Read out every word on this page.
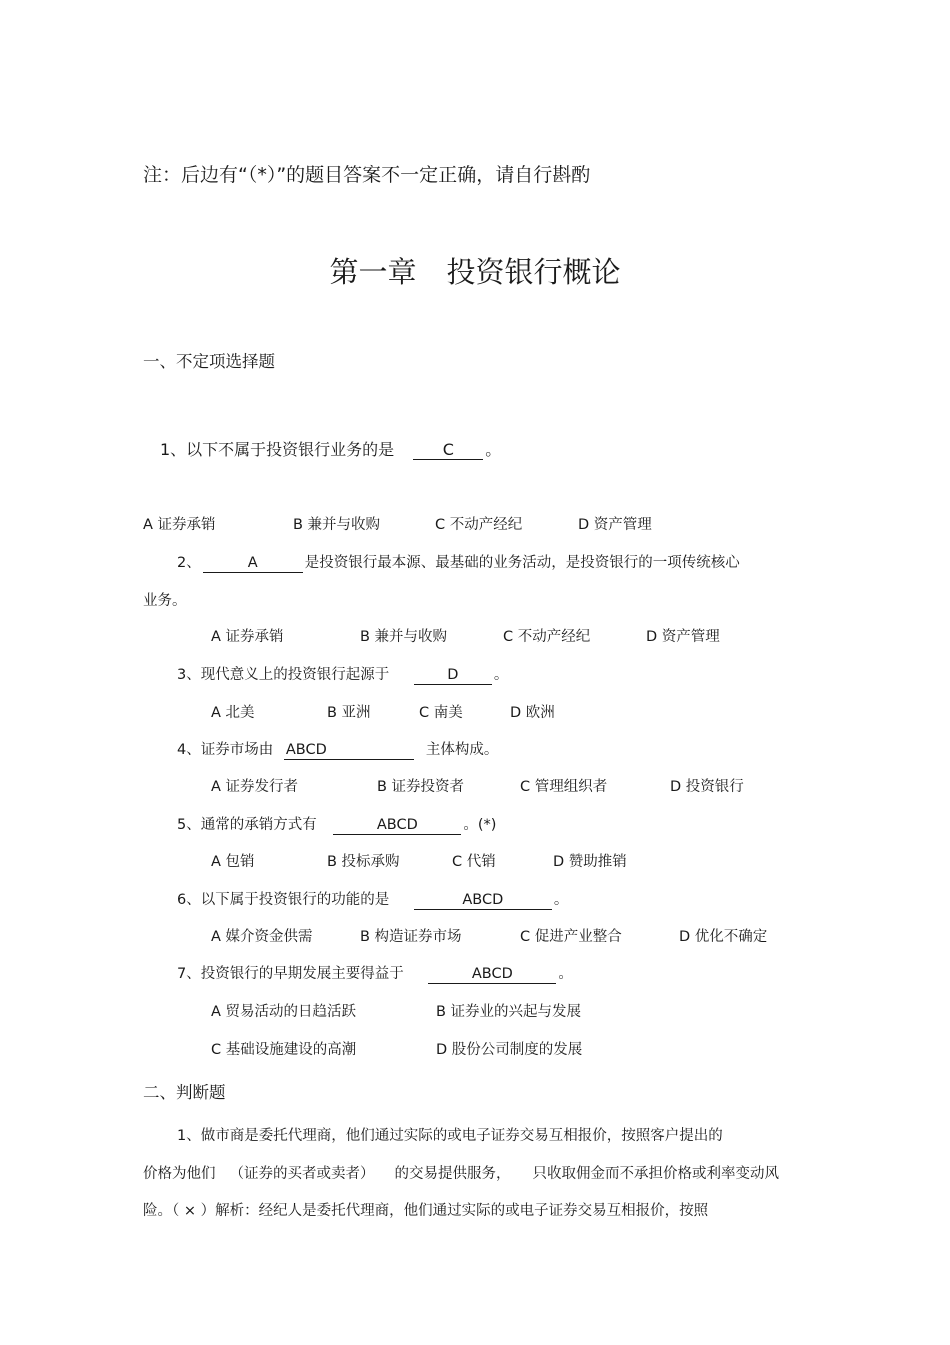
注：后边有“（*）”的题目答案不一定正确，请自行斟酌
第一章 投资银行概论
一、不定项选择题
1、以下不属于投资银行业务的是	C 。
A 证券承销	B 兼并与收购	C 不动产经纪	D 资产管理
2、	A	是投资银行最本源、最基础的业务活动，是投资银行的一项传统核心
业务。
A 证券承销	B 兼并与收购	C 不动产经纪	D 资产管理
3、现代意义上的投资银行起源于	D 。
A 北美	B 亚洲	C 南美	D 欧洲
4、证券市场由 ABCD	主体构成。
A 证券发行者	B 证券投资者	C 管理组织者	D 投资银行
5、通常的承销方式有	ABCD	。(*)
A 包销	B 投标承购	C 代销	D 赞助推销
6、以下属于投资银行的功能的是	ABCD	。
A 媒介资金供需	B 构造证券市场	C 促进产业整合	D 优化不确定
7、投资银行的早期发展主要得益于	ABCD	。
A 贸易活动的日趋活跃	B 证券业的兴起与发展
C 基础设施建设的高潮	D 股份公司制度的发展
二、判断题
1、做市商是委托代理商，他们通过实际的或电子证券交易互相报价，按照客户提出的
价格为他们 （证券的买者或卖者） 的交易提供服务， 只收取佣金而不承担价格或利率变动风
险。（ × ）解析：经纪人是委托代理商，他们通过实际的或电子证券交易互相报价，按照
